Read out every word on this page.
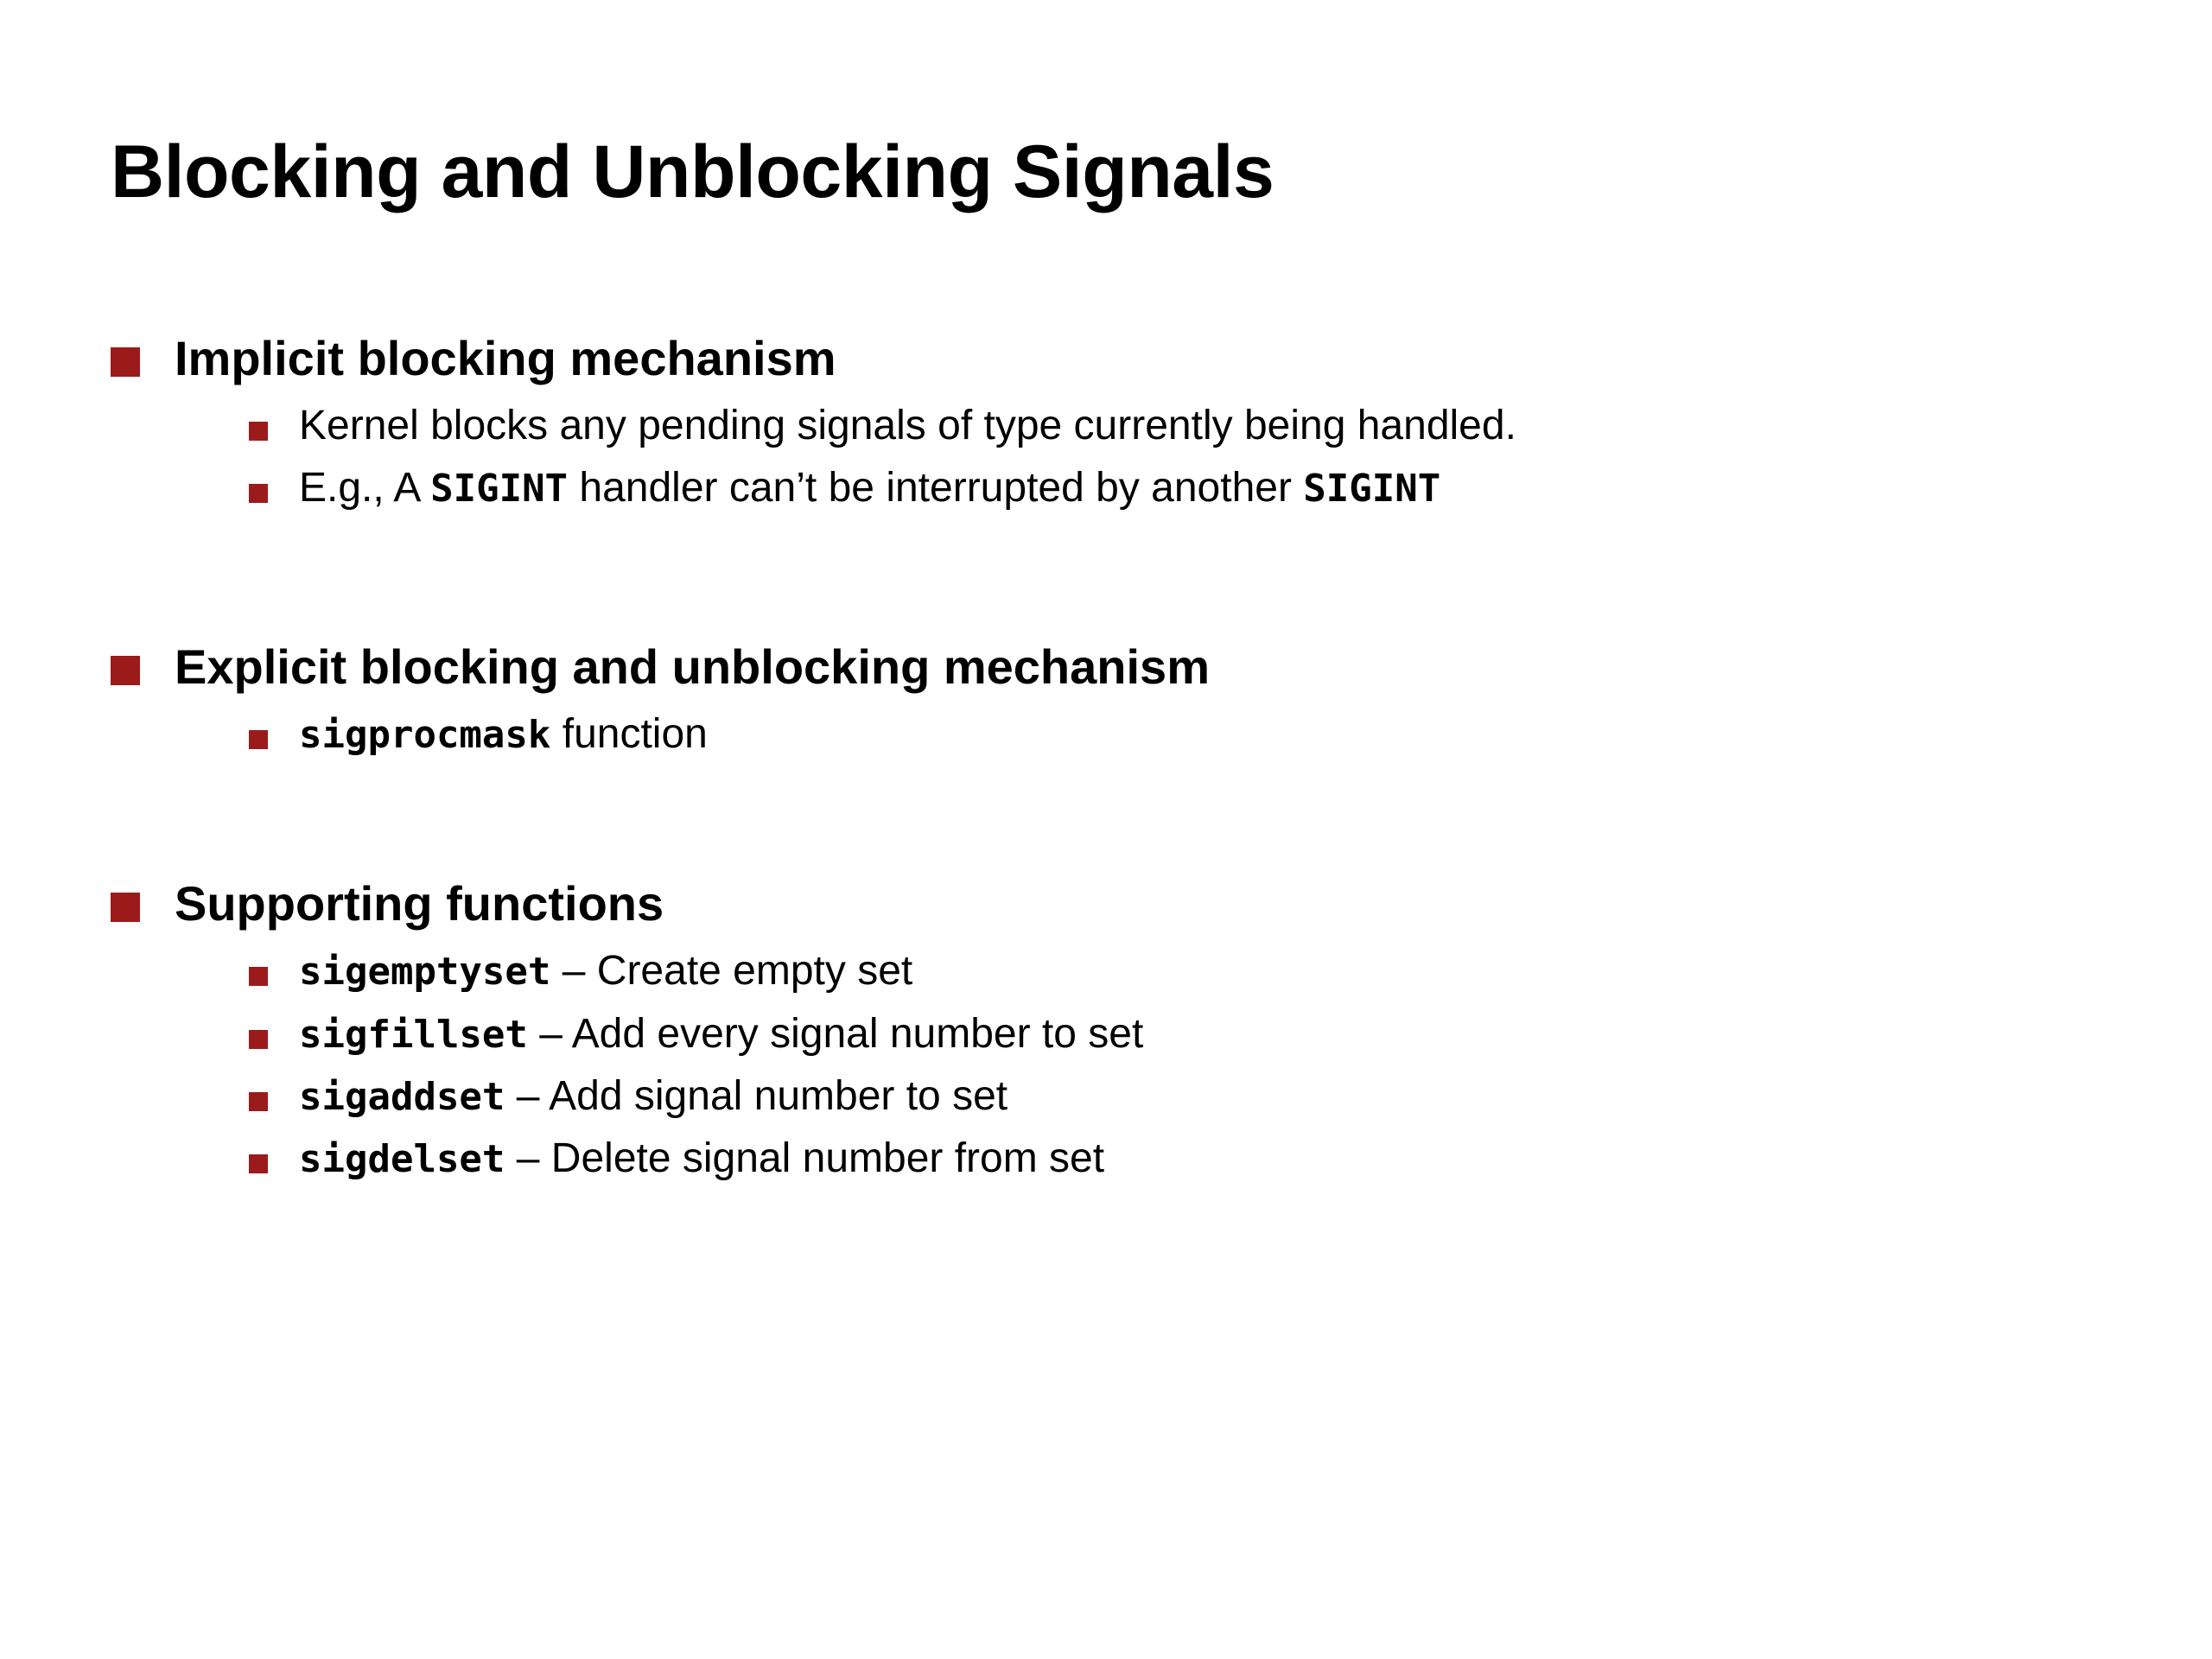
Blocking and Unblocking Signals
Implicit blocking mechanism
Kernel blocks any pending signals of type currently being handled.
E.g., A SIGINT handler can’t be interrupted by another SIGINT
Explicit blocking and unblocking mechanism
sigprocmask function
Supporting functions
sigemptyset – Create empty set
sigfillset – Add every signal number to set
sigaddset – Add signal number to set
sigdelset – Delete signal number from set
